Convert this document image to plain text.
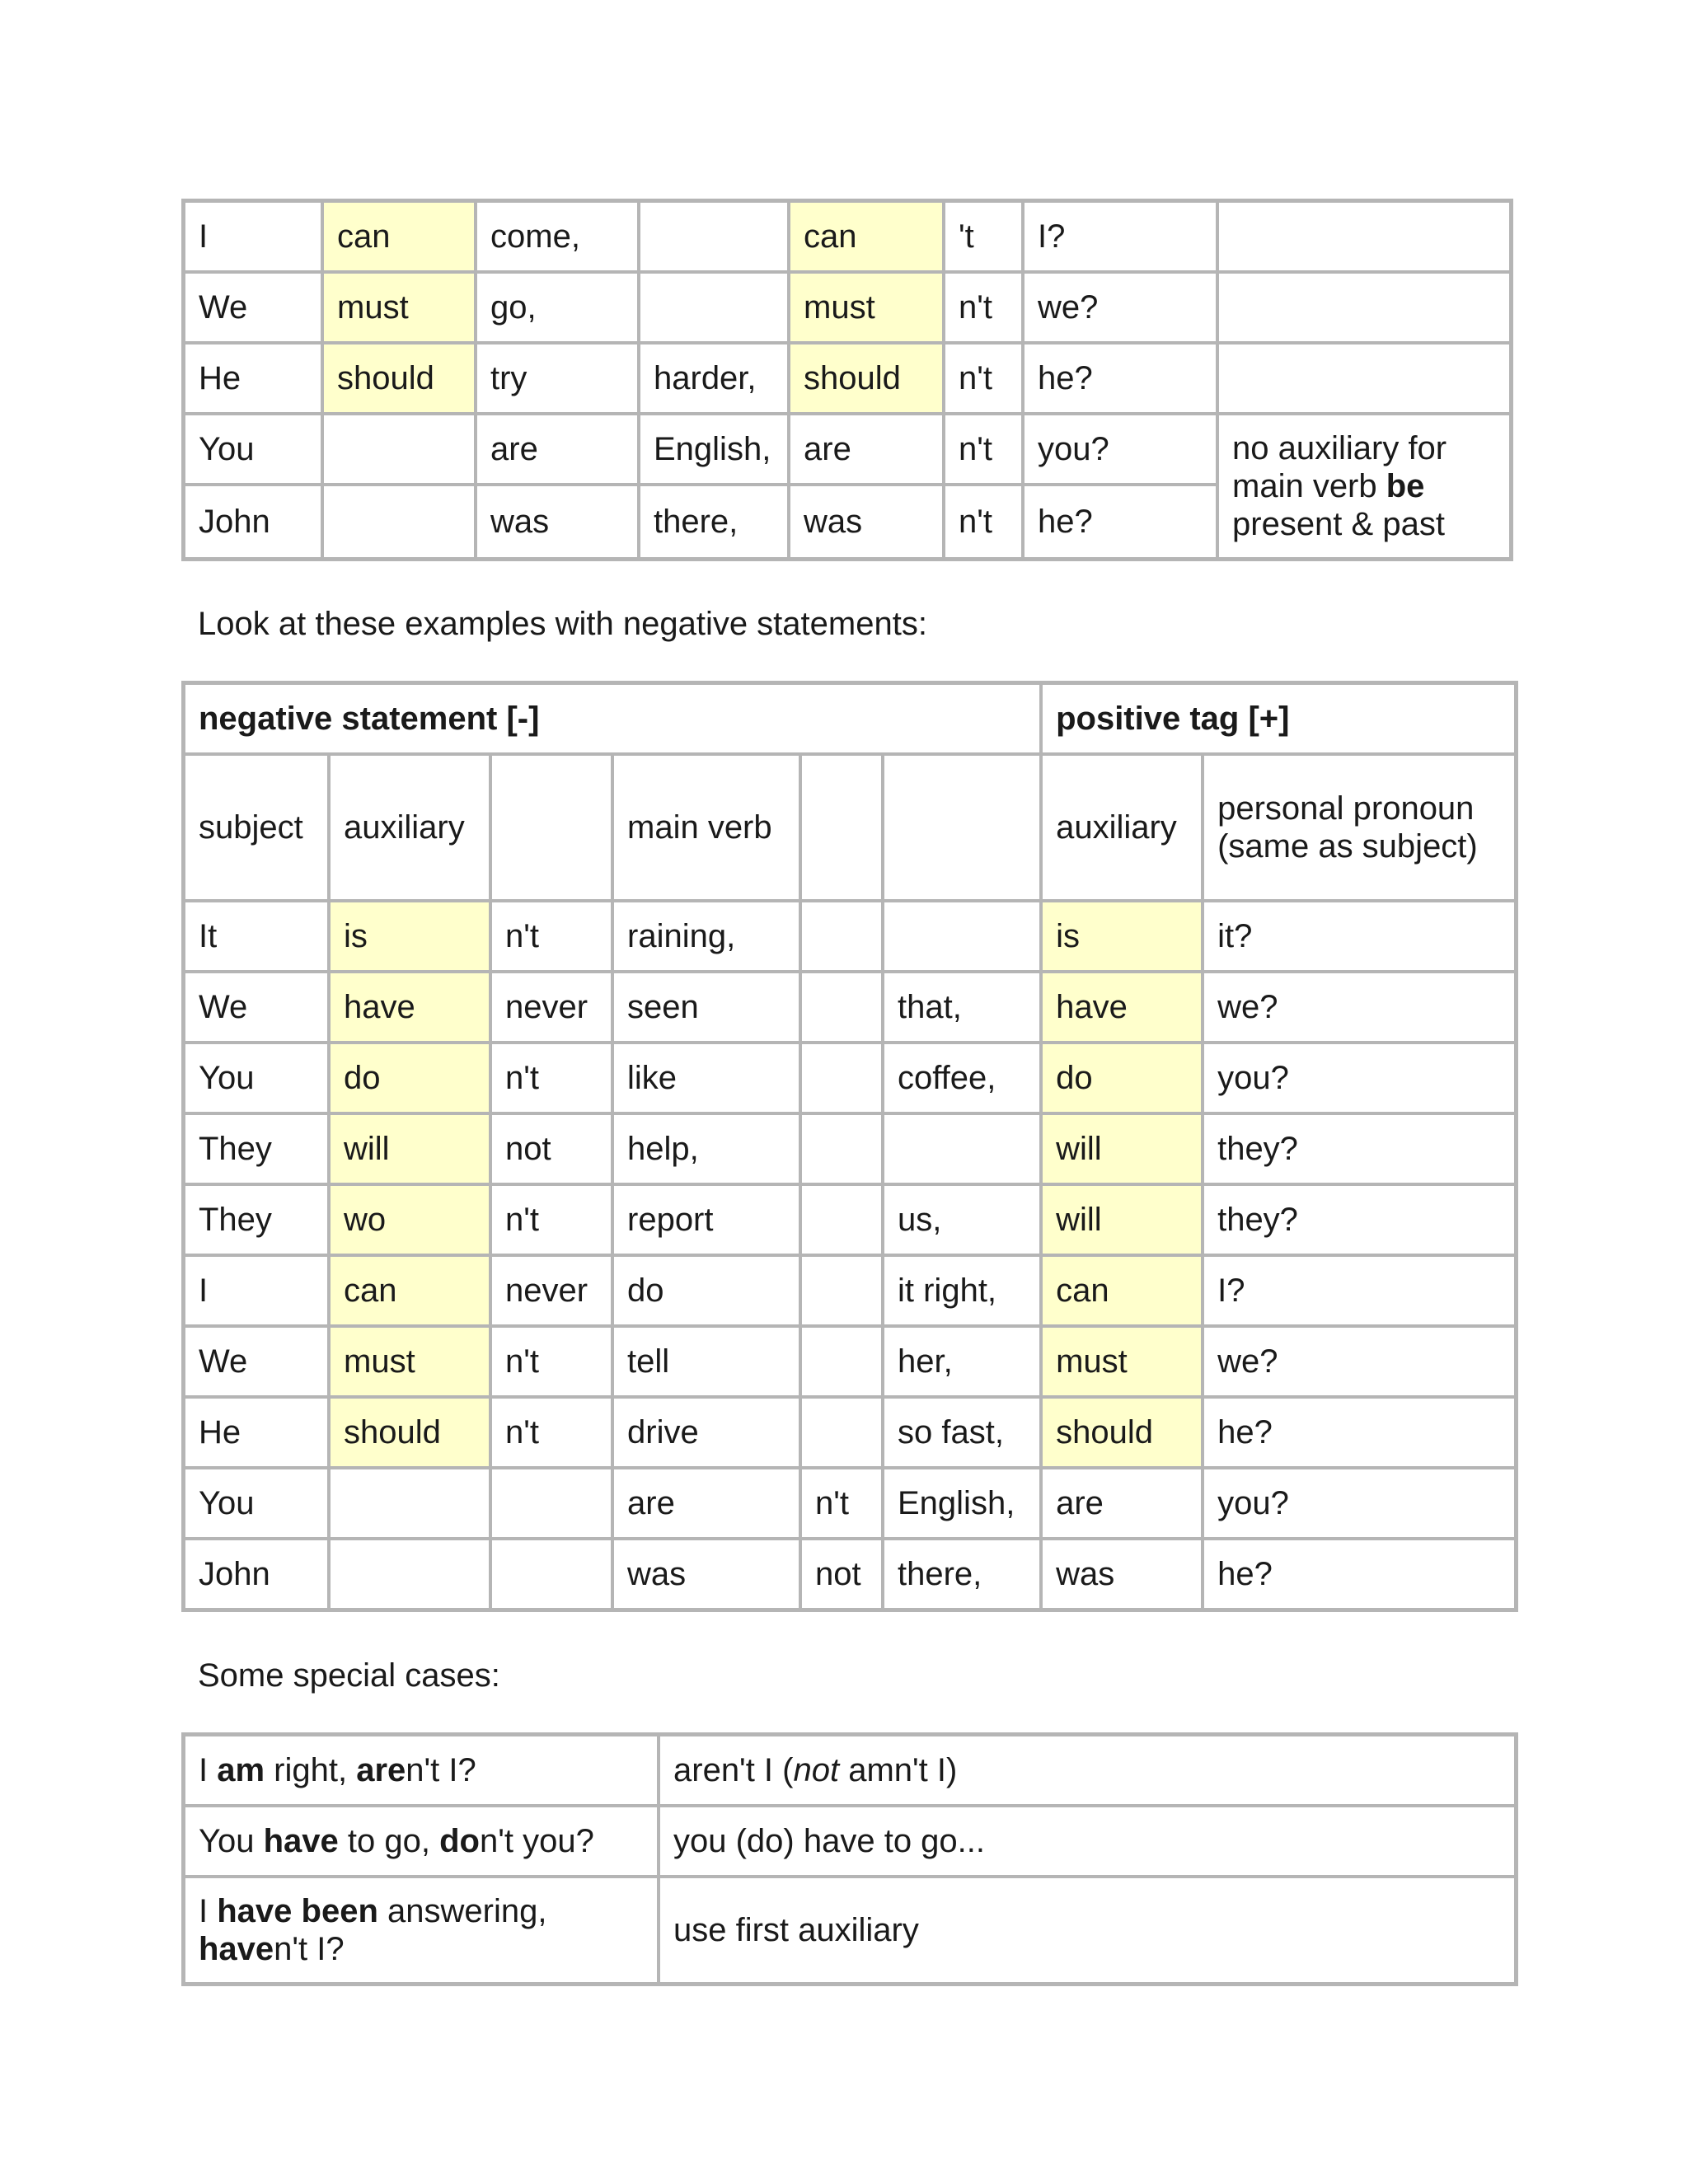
I	can	come,		can	't	I?	
We	must	go,		must	n't	we?	
He	should	try	harder,	should	n't	he?	
You		are	English,	are	n't	you?	no auxiliary for main verb be present & past
John		was	there,	was	n't	he?	
Look at these examples with negative statements:
negative statement [-]						positive tag [+]	
subject	auxiliary		main verb			auxiliary	personal pronoun (same as subject)
It	is	n't	raining,			is	it?
We	have	never	seen		that,	have	we?
You	do	n't	like		coffee,	do	you?
They	will	not	help,			will	they?
They	wo	n't	report		us,	will	they?
I	can	never	do		it right,	can	I?
We	must	n't	tell		her,	must	we?
He	should	n't	drive		so fast,	should	he?
You			are	n't	English,	are	you?
John			was	not	there,	was	he?
Some special cases:
I am right, aren't I?	aren't I (not amn't I)
You have to go, don't you?	you (do) have to go...
I have been answering, haven't I?	use first auxiliary
